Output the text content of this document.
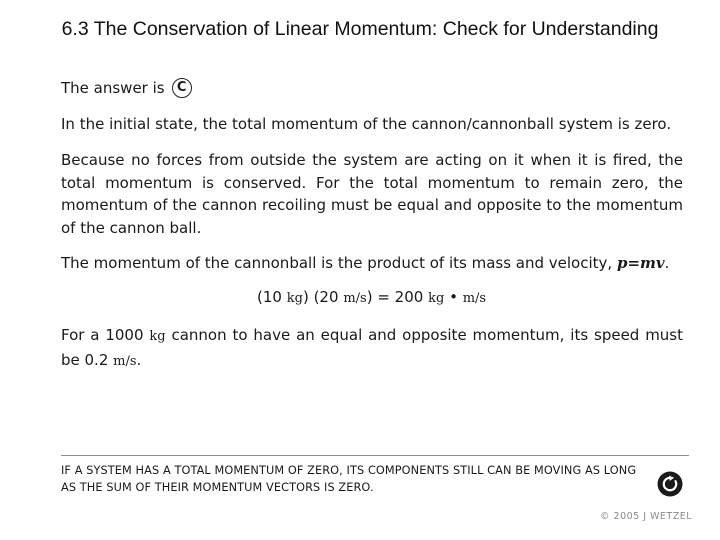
6.3 The Conservation of Linear Momentum: Check for Understanding
The answer is C
In the initial state, the total momentum of the cannon/cannonball system is zero.
Because no forces from outside the system are acting on it when it is fired, the total momentum is conserved. For the total momentum to remain zero, the momentum of the cannon recoiling must be equal and opposite to the momentum of the cannon ball.
The momentum of the cannonball is the product of its mass and velocity, p=mv.
(10 kg) (20 m/s) = 200 kg • m/s
For a 1000 kg cannon to have an equal and opposite momentum, its speed must be 0.2 m/s.
IF A SYSTEM HAS A TOTAL MOMENTUM OF ZERO, ITS COMPONENTS STILL CAN BE MOVING AS LONG AS THE SUM OF THEIR MOMENTUM VECTORS IS ZERO.
© 2005 J WETZEL
